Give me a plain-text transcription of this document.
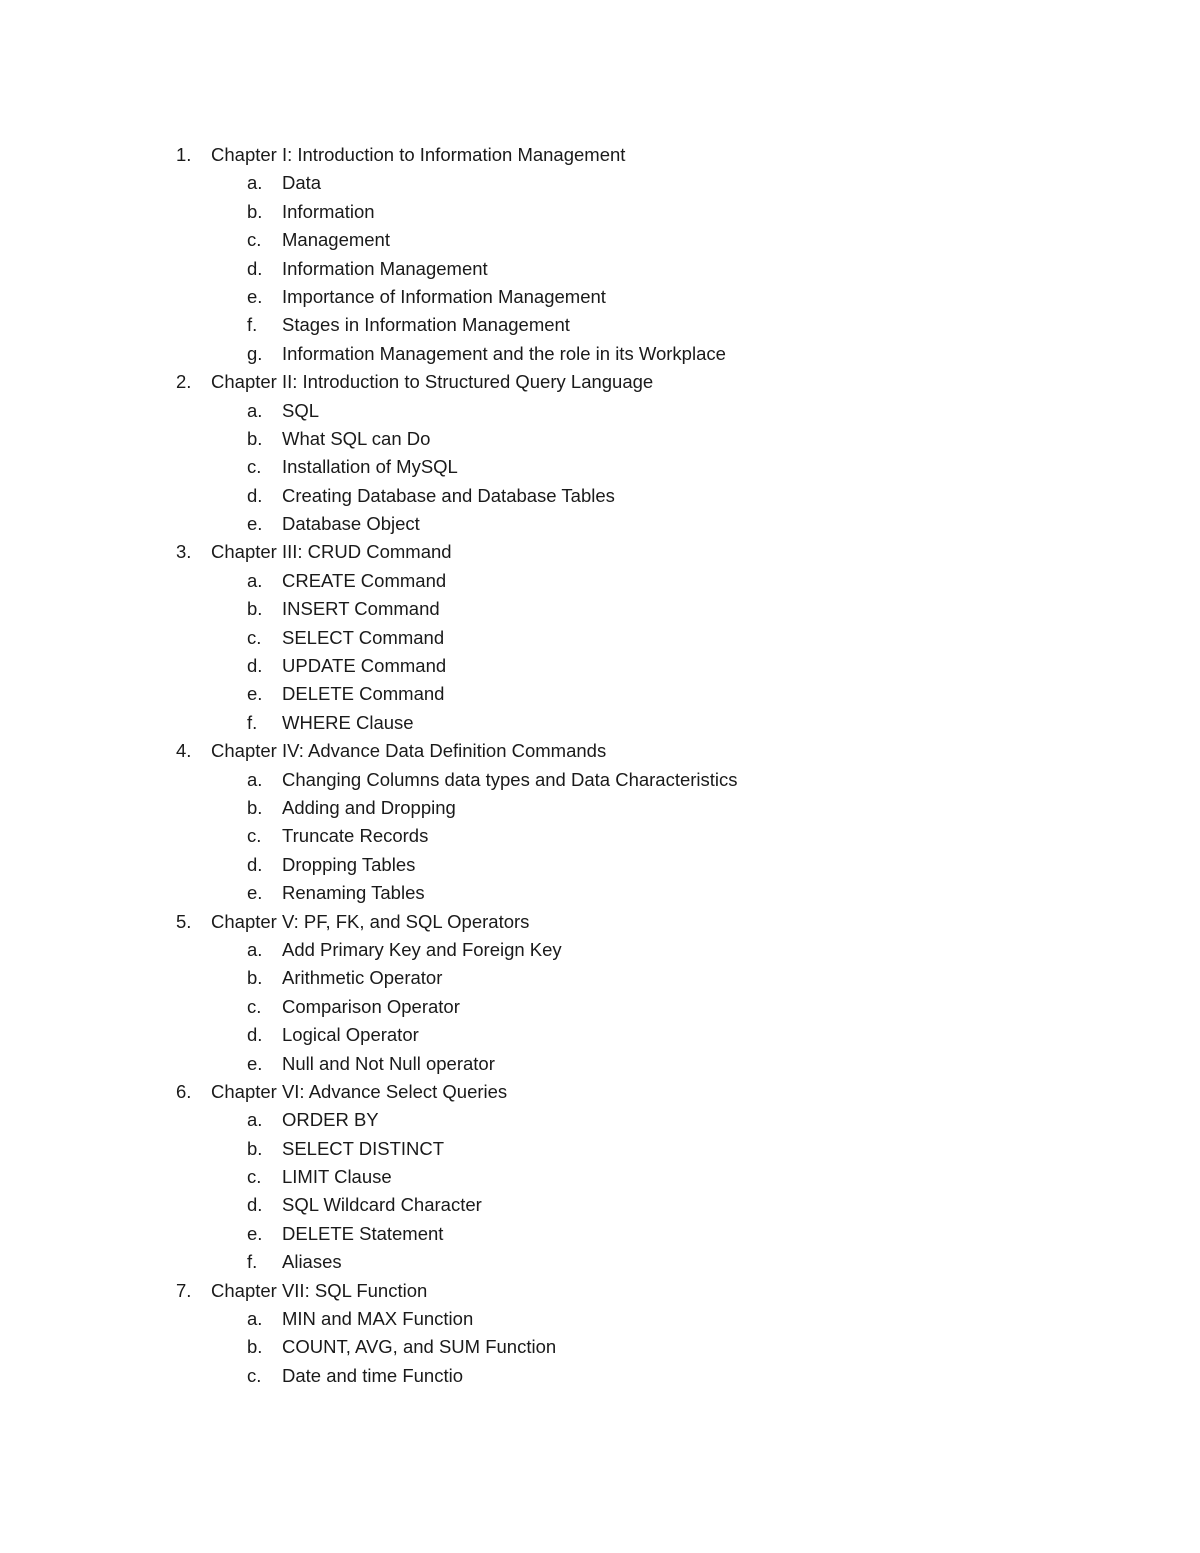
1. Chapter I: Introduction to Information Management
a. Data
b. Information
c. Management
d. Information Management
e. Importance of Information Management
f. Stages in Information Management
g. Information Management and the role in its Workplace
2. Chapter II: Introduction to Structured Query Language
a. SQL
b. What SQL can Do
c. Installation of MySQL
d. Creating Database and Database Tables
e. Database Object
3. Chapter III: CRUD Command
a. CREATE Command
b. INSERT Command
c. SELECT Command
d. UPDATE Command
e. DELETE Command
f. WHERE Clause
4. Chapter IV: Advance Data Definition Commands
a. Changing Columns data types and Data Characteristics
b. Adding and Dropping
c. Truncate Records
d. Dropping Tables
e. Renaming Tables
5. Chapter V: PF, FK, and SQL Operators
a. Add Primary Key and Foreign Key
b. Arithmetic Operator
c. Comparison Operator
d. Logical Operator
e. Null and Not Null operator
6. Chapter VI: Advance Select Queries
a. ORDER BY
b. SELECT DISTINCT
c. LIMIT Clause
d. SQL Wildcard Character
e. DELETE Statement
f. Aliases
7. Chapter VII: SQL Function
a. MIN and MAX Function
b. COUNT, AVG, and SUM Function
c. Date and time Functio
